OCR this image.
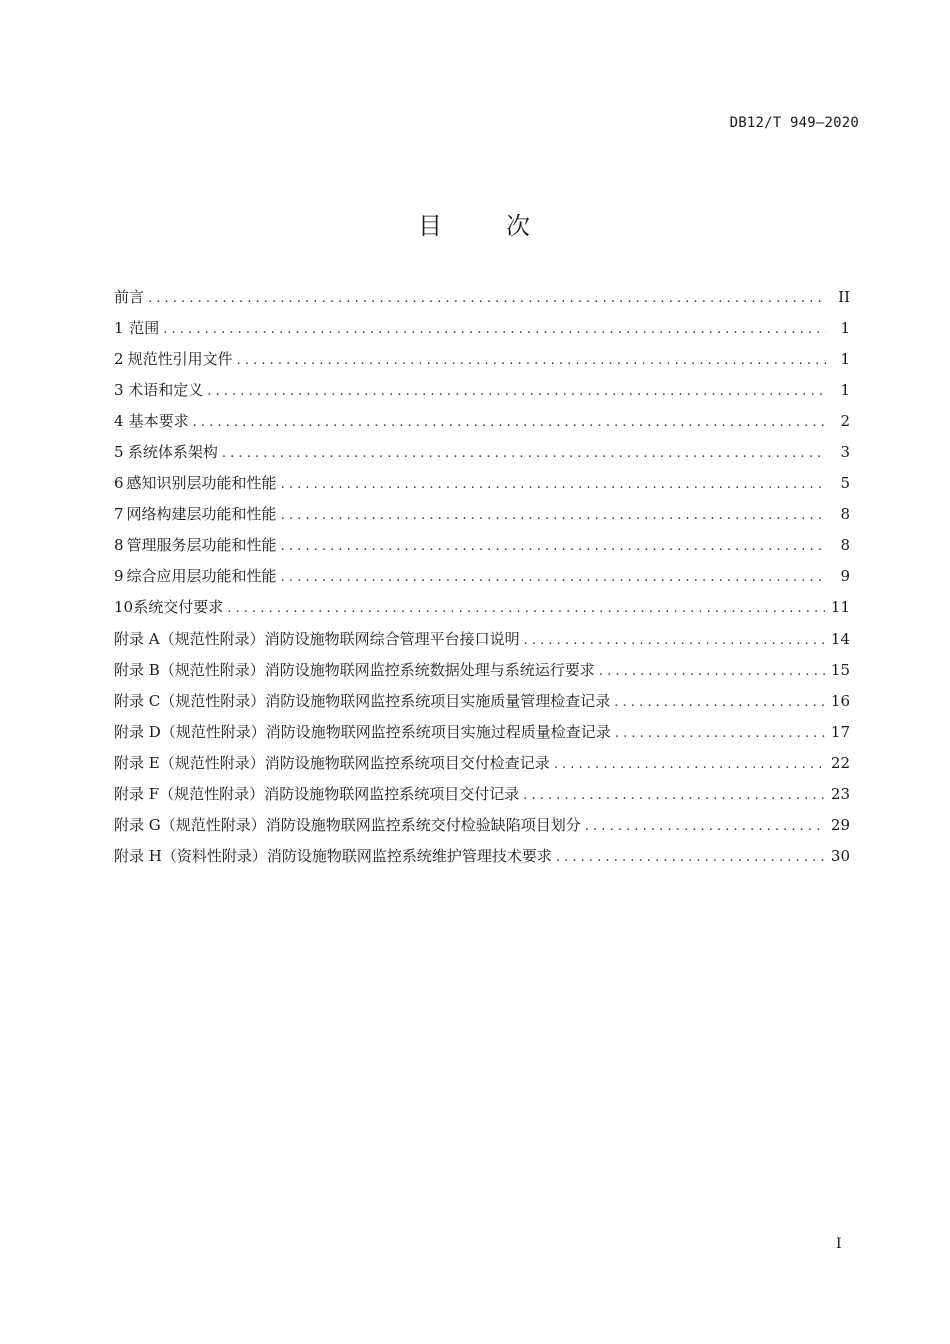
DB12/T 949—2020
目	次
前言 . . .	II
1 范围 . . .	1
2 规范性引用文件 . . .	1
3 术语和定义 . . .	1
4 基本要求 . . .	2
5 系统体系架构 . . .	3
6 感知识别层功能和性能 . . .	5
7 网络构建层功能和性能 . . .	8
8 管理服务层功能和性能 . . .	8
9 综合应用层功能和性能 . . .	9
10 系统交付要求 . . .	11
附录 A（规范性附录） 消防设施物联网综合管理平台接口说明 . . .	14
附录 B（规范性附录） 消防设施物联网监控系统数据处理与系统运行要求 . . .	15
附录 C（规范性附录） 消防设施物联网监控系统项目实施质量管理检查记录 . . .	16
附录 D（规范性附录） 消防设施物联网监控系统项目实施过程质量检查记录 . . .	17
附录 E（规范性附录） 消防设施物联网监控系统项目交付检查记录 . . .	22
附录 F（规范性附录） 消防设施物联网监控系统项目交付记录 . . .	23
附录 G（规范性附录） 消防设施物联网监控系统交付检验缺陷项目划分 . . .	29
附录 H（资料性附录） 消防设施物联网监控系统维护管理技术要求 . . .	30
I
